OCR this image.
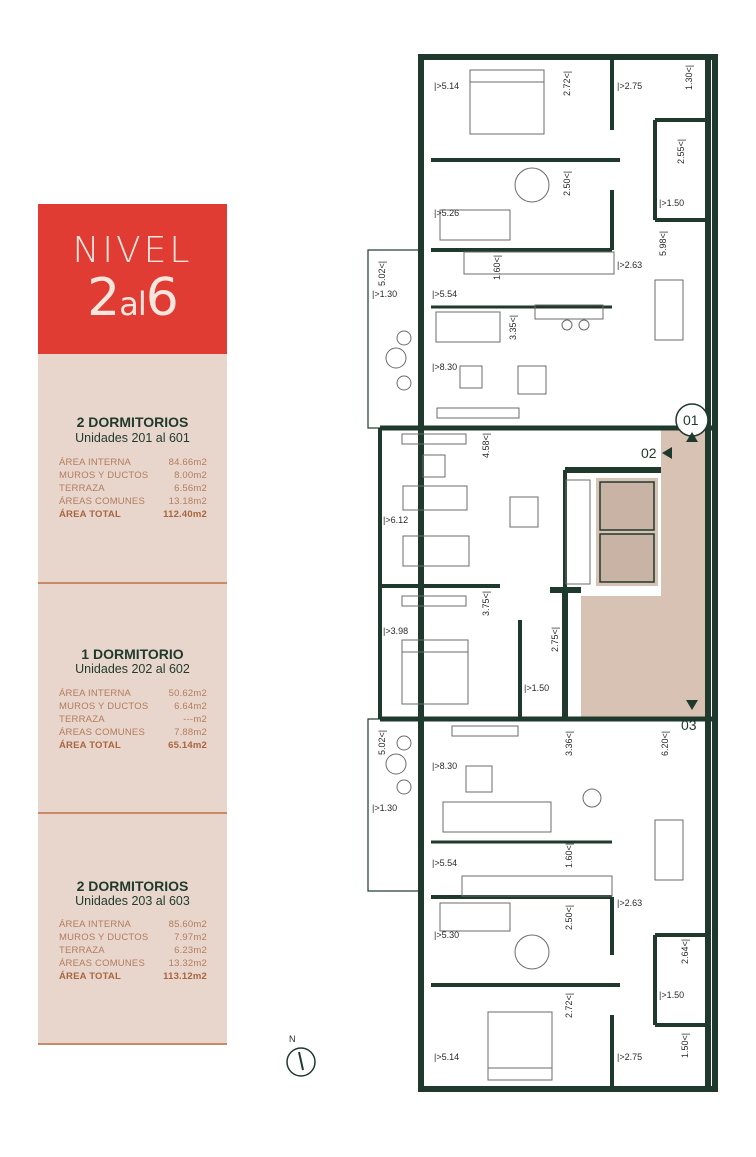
NIVEL
2al6
2 DORMITORIOS
Unidades 201 al 601
ÁREA INTERNA	84.66m2
MUROS Y DUCTOS	8.00m2
TERRAZA	6.56m2
ÁREAS COMUNES 13.18m2
ÁREA TOTAL	112.40m2
1 DORMITORIO
Unidades 202 al 602
ÁREA INTERNA	50.62m2
MUROS Y DUCTOS	6.64m2
TERRAZA	---m2
ÁREAS COMUNES	7.88m2
ÁREA TOTAL	65.14m2
2 DORMITORIOS
Unidades 203 al 603
ÁREA INTERNA	85.60m2
MUROS Y DUCTOS	7.97m2
TERRAZA	6.23m2
ÁREAS COMUNES 13.32m2
ÁREA TOTAL	113.12m2
01
02
03
N
|>5.14	2.72<|	|>2.75	1.30<|
2.55<|
2.50<|
|>1.50
|>5.26
5.98<|
5.02<|	1.60<|	|>2.63
|>1.30	|>5.54
3.35<|
|>8.30
4.58<|
|>6.12
3.75<|
|>3.98	2.75<|
|>1.50
3.36<|	6.20<|
5.02<|
|>8.30
|>1.30
|>5.54	1.60<|
|>2.63
2.50<|
|>5.30
2.64<|
|>1.50
2.72<|
1.50<|
|>5.14	|>2.75
